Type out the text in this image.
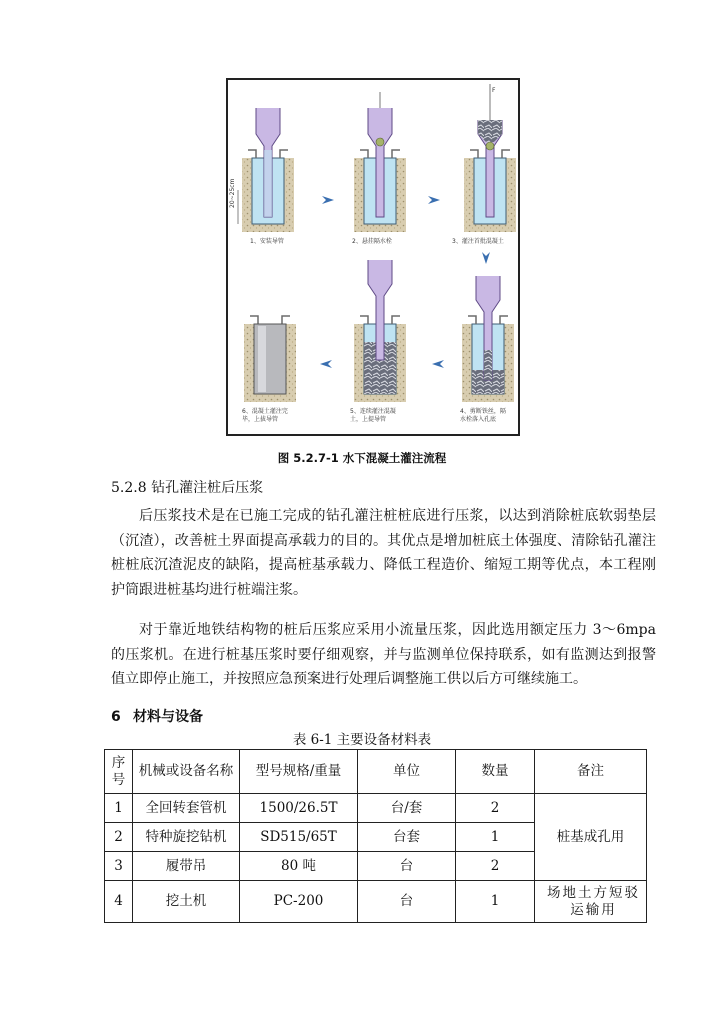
20~25cm
1、安装导管	2、悬挂隔水栓
F
3、灌注首批混凝土
4、剪断铁丝，隔
水栓落入孔底
5、连续灌注混凝
土，上提导管
6、混凝土灌注完
毕，上拔导管
图 5.2.7-1 水下混凝土灌注流程
5.2.8 钻孔灌注桩后压浆

后压浆技术是在已施工完成的钻孔灌注桩桩底进行压浆，以达到消除桩底软弱垫层（沉渣），改善桩土界面提高承载力的目的。其优点是增加桩底土体强度、清除钻孔灌注桩桩底沉渣泥皮的缺陷，提高桩基承载力、降低工程造价、缩短工期等优点，本工程刚护筒跟进桩基均进行桩端注浆。

对于靠近地铁结构物的桩后压浆应采用小流量压浆，因此选用额定压力 3～6mpa 的压浆机。在进行桩基压浆时要仔细观察，并与监测单位保持联系，如有监测达到报警值立即停止施工，并按照应急预案进行处理后调整施工供以后方可继续施工。

6 材料与设备
表 6-1 主要设备材料表
序
号	机械或设备名称	型号规格/重量	单位	数量	备注
1	全回转套管机	1500/26.5T	台/套	2	桩基成孔用
2	特种旋挖钻机	SD515/65T	台套	1	
3	履带吊	80 吨	台	2	
4	挖土机	PC-200	台	1	场地土方短驳
运输用
